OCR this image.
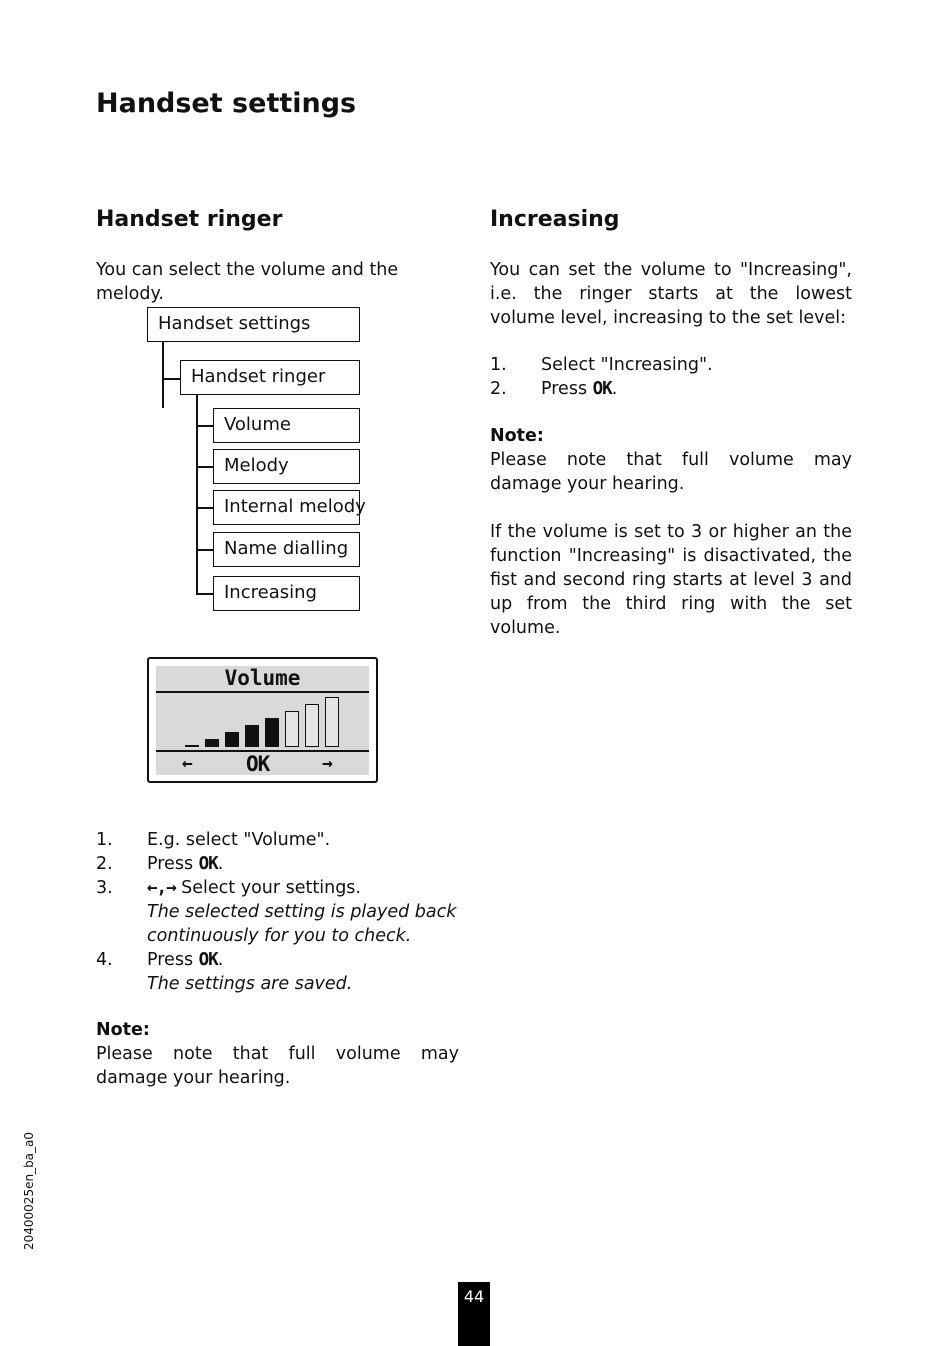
Handset settings
Handset ringer
You can select the volume and the melody.
Handset settings
Handset ringer
Volume
Melody
Internal melody
Name dialling
Increasing
Volume
←	OK	→
1. E.g. select "Volume".
2. Press OK.
3. ←,→ Select your settings.
The selected setting is played back continuously for you to check.
4. Press OK.
The settings are saved.
Note:
Please note that full volume may damage your hearing.
Increasing
You can set the volume to "Increasing", i.e. the ringer starts at the lowest volume level, increasing to the set level:
1. Select "Increasing".
2. Press OK.
Note:
Please note that full volume may damage your hearing.
If the volume is set to 3 or higher an the function "Increasing" is disactivated, the fist and second ring starts at level 3 and up from the third ring with the set volume.
20400025en_ba_a0
44
